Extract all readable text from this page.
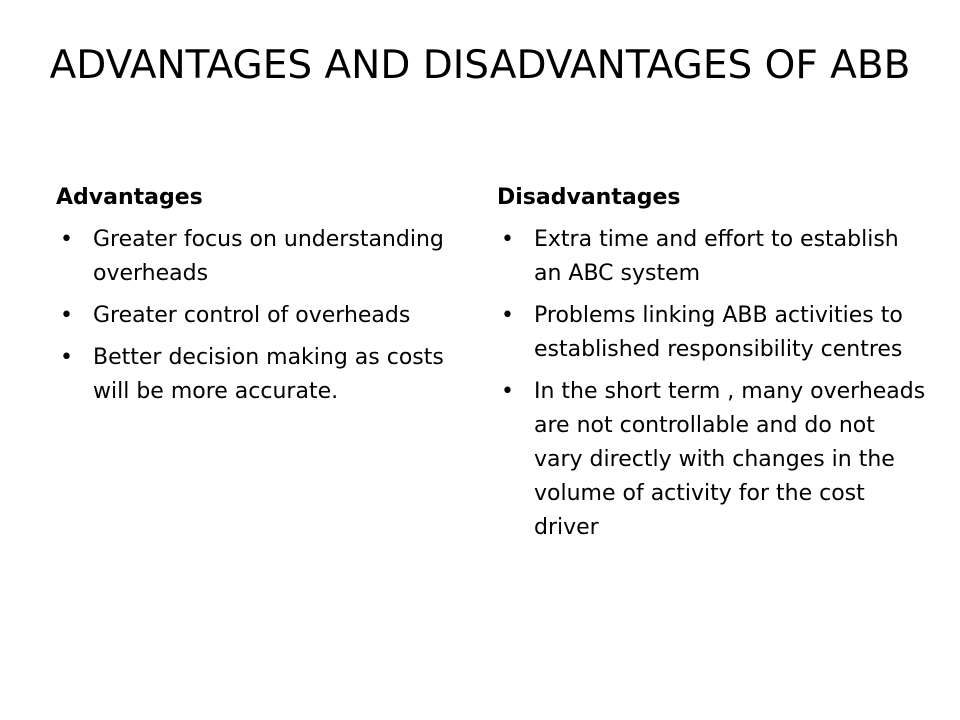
ADVANTAGES AND DISADVANTAGES OF ABB
Advantages
• Greater focus on understanding overheads
• Greater control of overheads
• Better decision making as costs  will be more accurate.
Disadvantages
• Extra time and effort to establish an ABC system
• Problems linking ABB activities to established responsibility centres
• In the short term , many overheads are not controllable and do not vary directly with changes in the volume of activity for the cost driver
